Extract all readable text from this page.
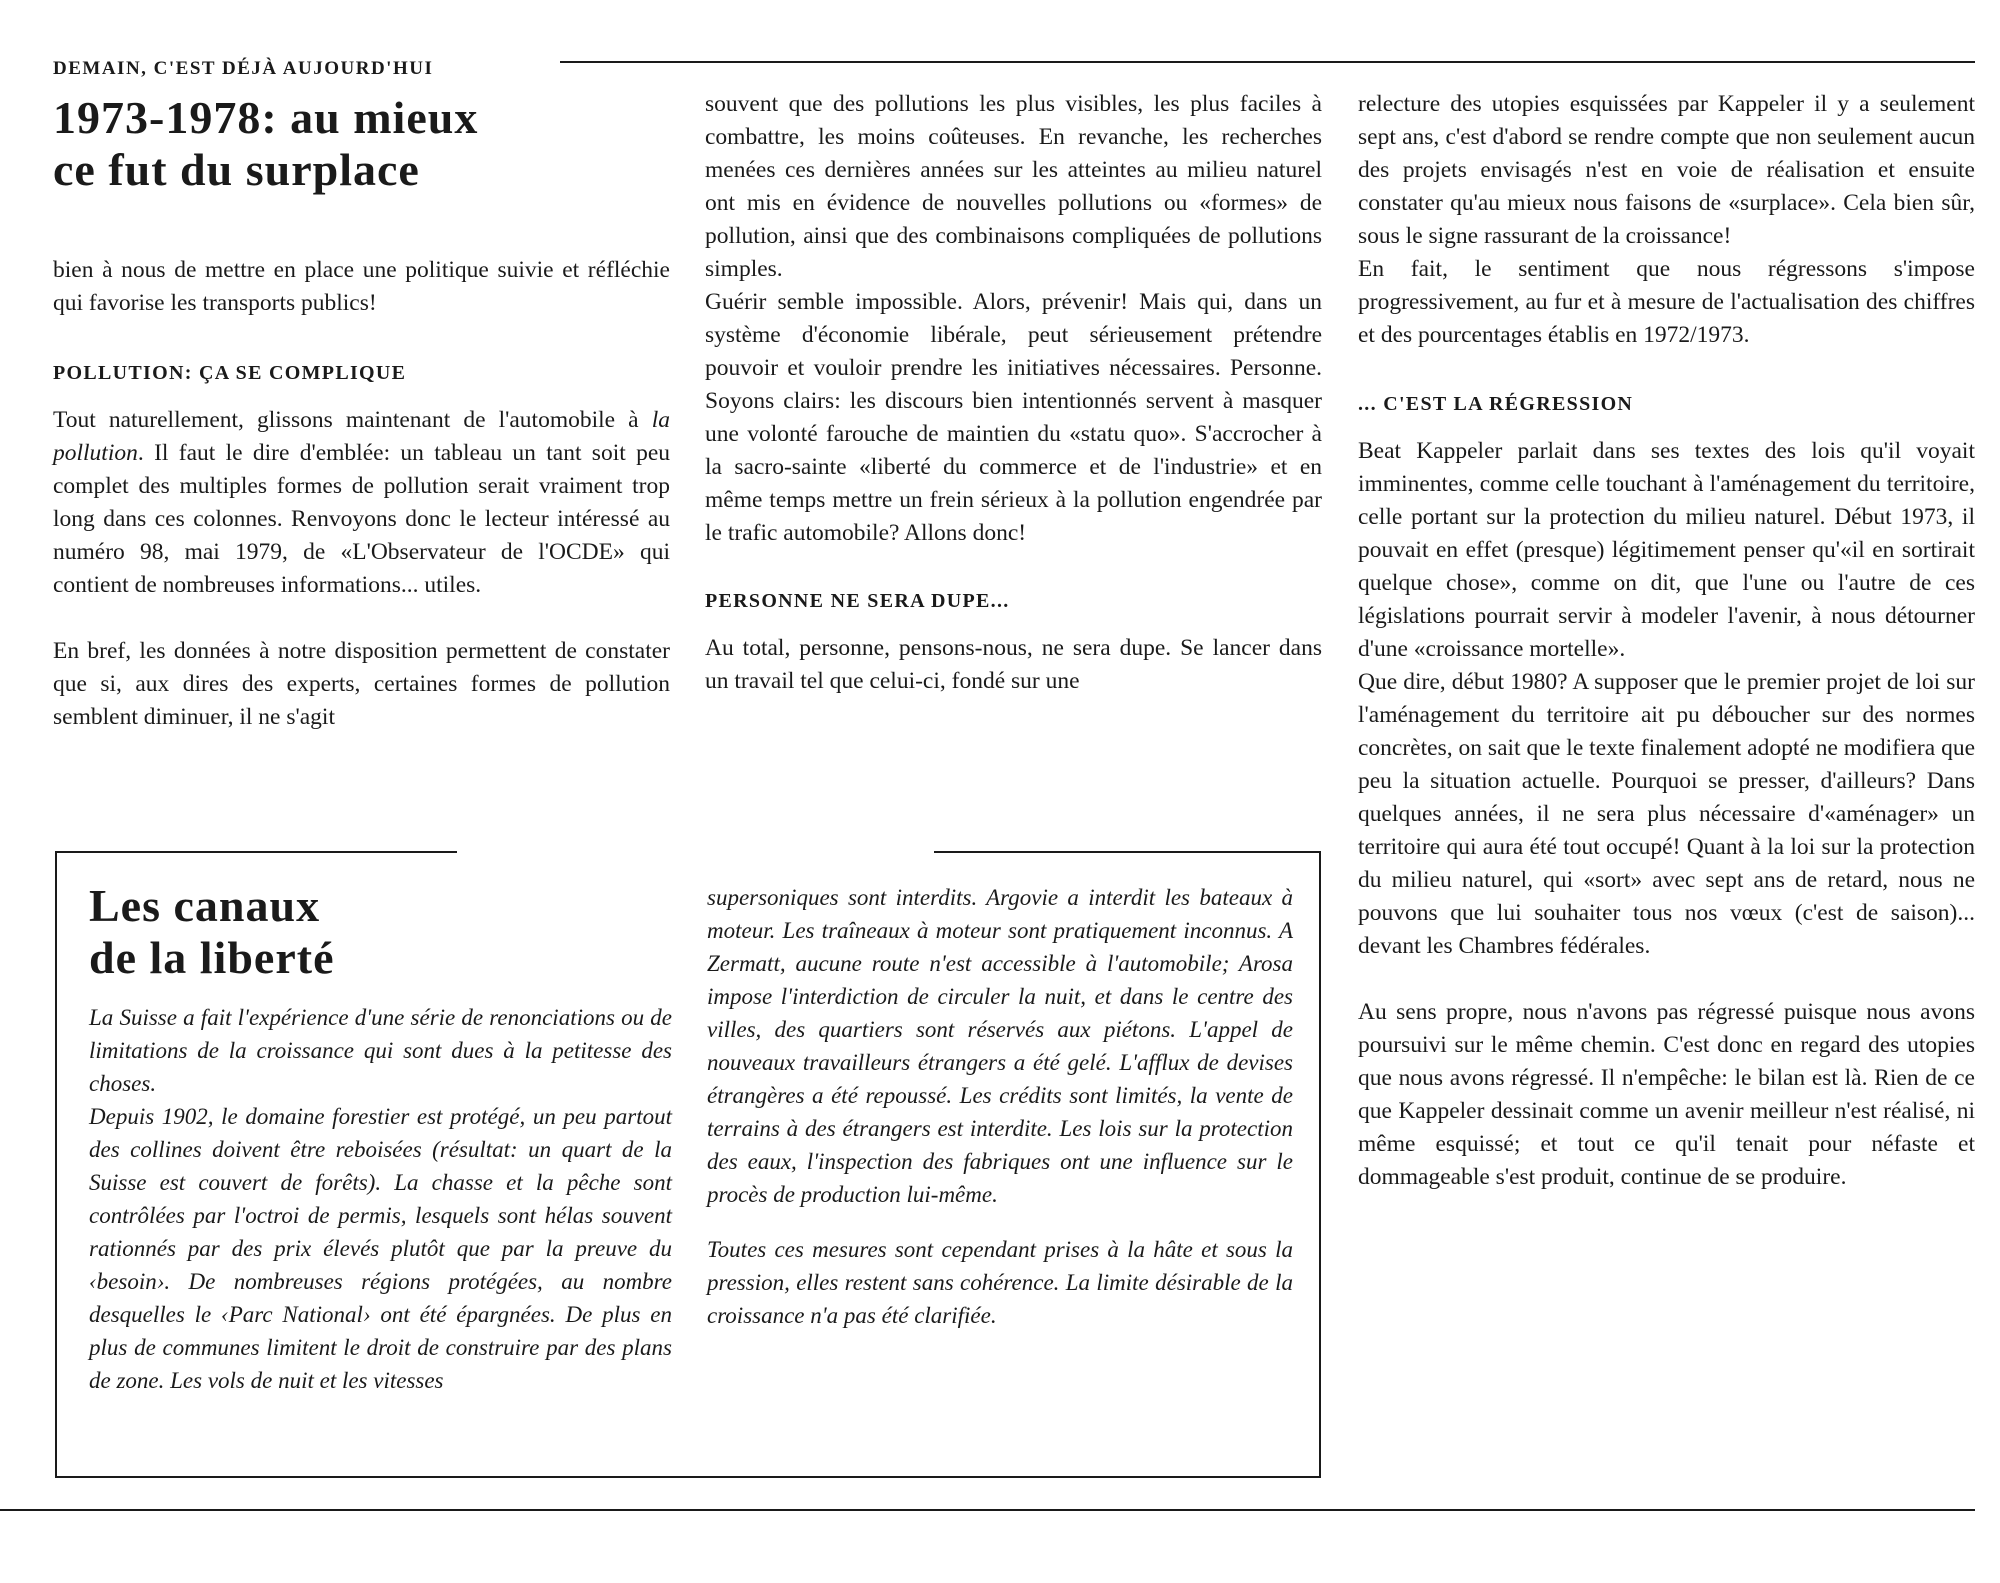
DEMAIN, C'EST DÉJÀ AUJOURD'HUI
1973-1978: au mieux
ce fut du surplace

bien à nous de mettre en place une politique suivie et réfléchie qui favorise les transports publics!

POLLUTION: ÇA SE COMPLIQUE

Tout naturellement, glissons maintenant de l'automobile à la pollution. Il faut le dire d'emblée: un tableau un tant soit peu complet des multiples formes de pollution serait vraiment trop long dans ces colonnes. Renvoyons donc le lecteur intéressé au numéro 98, mai 1979, de «L'Observateur de l'OCDE» qui contient de nombreuses informations... utiles.

En bref, les données à notre disposition permettent de constater que si, aux dires des experts, certaines formes de pollution semblent diminuer, il ne s'agit

souvent que des pollutions les plus visibles, les plus faciles à combattre, les moins coûteuses. En revanche, les recherches menées ces dernières années sur les atteintes au milieu naturel ont mis en évidence de nouvelles pollutions ou «formes» de pollution, ainsi que des combinaisons compliquées de pollutions simples.

Guérir semble impossible. Alors, prévenir! Mais qui, dans un système d'économie libérale, peut sérieusement prétendre pouvoir et vouloir prendre les initiatives nécessaires. Personne. Soyons clairs: les discours bien intentionnés servent à masquer une volonté farouche de maintien du «statu quo». S'accrocher à la sacro-sainte «liberté du commerce et de l'industrie» et en même temps mettre un frein sérieux à la pollution engendrée par le trafic automobile? Allons donc!

PERSONNE NE SERA DUPE...

Au total, personne, pensons-nous, ne sera dupe. Se lancer dans un travail tel que celui-ci, fondé sur une

relecture des utopies esquissées par Kappeler il y a seulement sept ans, c'est d'abord se rendre compte que non seulement aucun des projets envisagés n'est en voie de réalisation et ensuite constater qu'au mieux nous faisons de «surplace». Cela bien sûr, sous le signe rassurant de la croissance!

En fait, le sentiment que nous régressons s'impose progressivement, au fur et à mesure de l'actualisation des chiffres et des pourcentages établis en 1972/1973.

... C'EST LA RÉGRESSION

Beat Kappeler parlait dans ses textes des lois qu'il voyait imminentes, comme celle touchant à l'aménagement du territoire, celle portant sur la protection du milieu naturel. Début 1973, il pouvait en effet (presque) légitimement penser qu'«il en sortirait quelque chose», comme on dit, que l'une ou l'autre de ces législations pourrait servir à modeler l'avenir, à nous détourner d'une «croissance mortelle».

Que dire, début 1980? A supposer que le premier projet de loi sur l'aménagement du territoire ait pu déboucher sur des normes concrètes, on sait que le texte finalement adopté ne modifiera que peu la situation actuelle. Pourquoi se presser, d'ailleurs? Dans quelques années, il ne sera plus nécessaire d'«aménager» un territoire qui aura été tout occupé! Quant à la loi sur la protection du milieu naturel, qui «sort» avec sept ans de retard, nous ne pouvons que lui souhaiter tous nos vœux (c'est de saison)... devant les Chambres fédérales.

Au sens propre, nous n'avons pas régressé puisque nous avons poursuivi sur le même chemin. C'est donc en regard des utopies que nous avons régressé. Il n'empêche: le bilan est là. Rien de ce que Kappeler dessinait comme un avenir meilleur n'est réalisé, ni même esquissé; et tout ce qu'il tenait pour néfaste et dommageable s'est produit, continue de se produire.

Les canaux
de la liberté

La Suisse a fait l'expérience d'une série de renonciations ou de limitations de la croissance qui sont dues à la petitesse des choses.

Depuis 1902, le domaine forestier est protégé, un peu partout des collines doivent être reboisées (résultat: un quart de la Suisse est couvert de forêts). La chasse et la pêche sont contrôlées par l'octroi de permis, lesquels sont hélas souvent rationnés par des prix élevés plutôt que par la preuve du ‹besoin›. De nombreuses régions protégées, au nombre desquelles le ‹Parc National› ont été épargnées. De plus en plus de communes limitent le droit de construire par des plans de zone. Les vols de nuit et les vitesses

supersoniques sont interdits. Argovie a interdit les bateaux à moteur. Les traîneaux à moteur sont pratiquement inconnus. A Zermatt, aucune route n'est accessible à l'automobile; Arosa impose l'interdiction de circuler la nuit, et dans le centre des villes, des quartiers sont réservés aux piétons. L'appel de nouveaux travailleurs étrangers a été gelé. L'afflux de devises étrangères a été repoussé. Les crédits sont limités, la vente de terrains à des étrangers est interdite. Les lois sur la protection des eaux, l'inspection des fabriques ont une influence sur le procès de production lui-même.

Toutes ces mesures sont cependant prises à la hâte et sous la pression, elles restent sans cohérence. La limite désirable de la croissance n'a pas été clarifiée.
